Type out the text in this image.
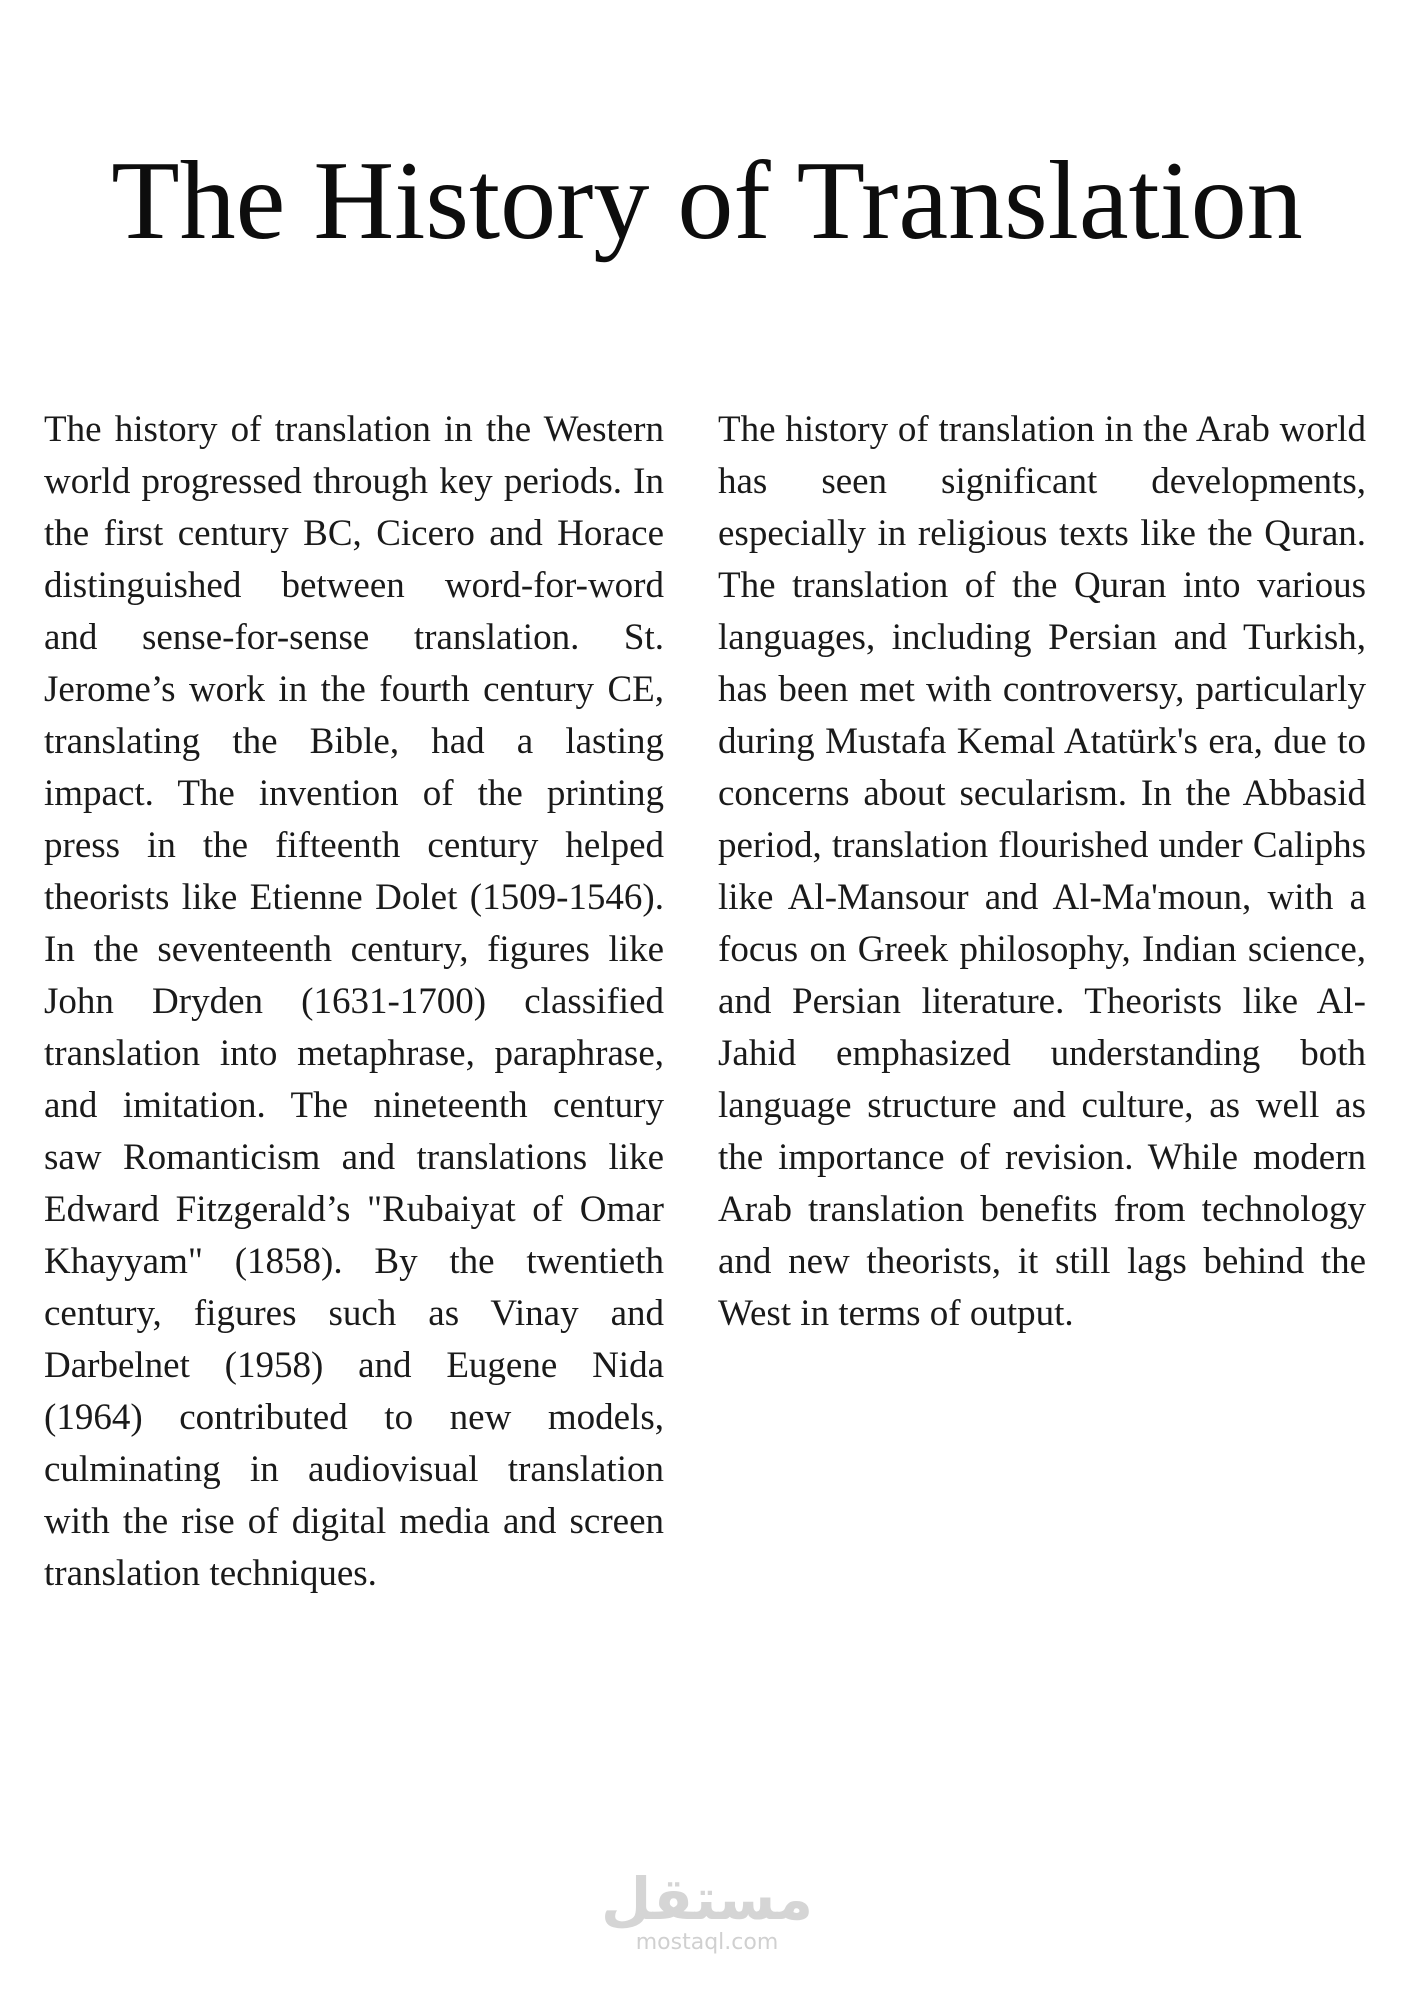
The History of Translation

The history of translation in the Western world progressed through key periods. In the first century BC, Cicero and Horace distinguished between word-for-word and sense-for-sense translation. St. Jerome’s work in the fourth century CE, translating the Bible, had a lasting impact. The invention of the printing press in the fifteenth century helped theorists like Etienne Dolet (1509-1546). In the seventeenth century, figures like John Dryden (1631-1700) classified translation into metaphrase, paraphrase, and imitation. The nineteenth century saw Romanticism and translations like Edward Fitzgerald’s "Rubaiyat of Omar Khayyam" (1858). By the twentieth century, figures such as Vinay and Darbelnet (1958) and Eugene Nida (1964) contributed to new models, culminating in audiovisual translation with the rise of digital media and screen translation techniques.

The history of translation in the Arab world has seen significant developments, especially in religious texts like the Quran. The translation of the Quran into various languages, including Persian and Turkish, has been met with controversy, particularly during Mustafa Kemal Atatürk's era, due to concerns about secularism. In the Abbasid period, translation flourished under Caliphs like Al-Mansour and Al-Ma'moun, with a focus on Greek philosophy, Indian science, and Persian literature. Theorists like Al-Jahid emphasized understanding both language structure and culture, as well as the importance of revision. While modern Arab translation benefits from technology and new theorists, it still lags behind the West in terms of output.

مستقل
mostaql.com
